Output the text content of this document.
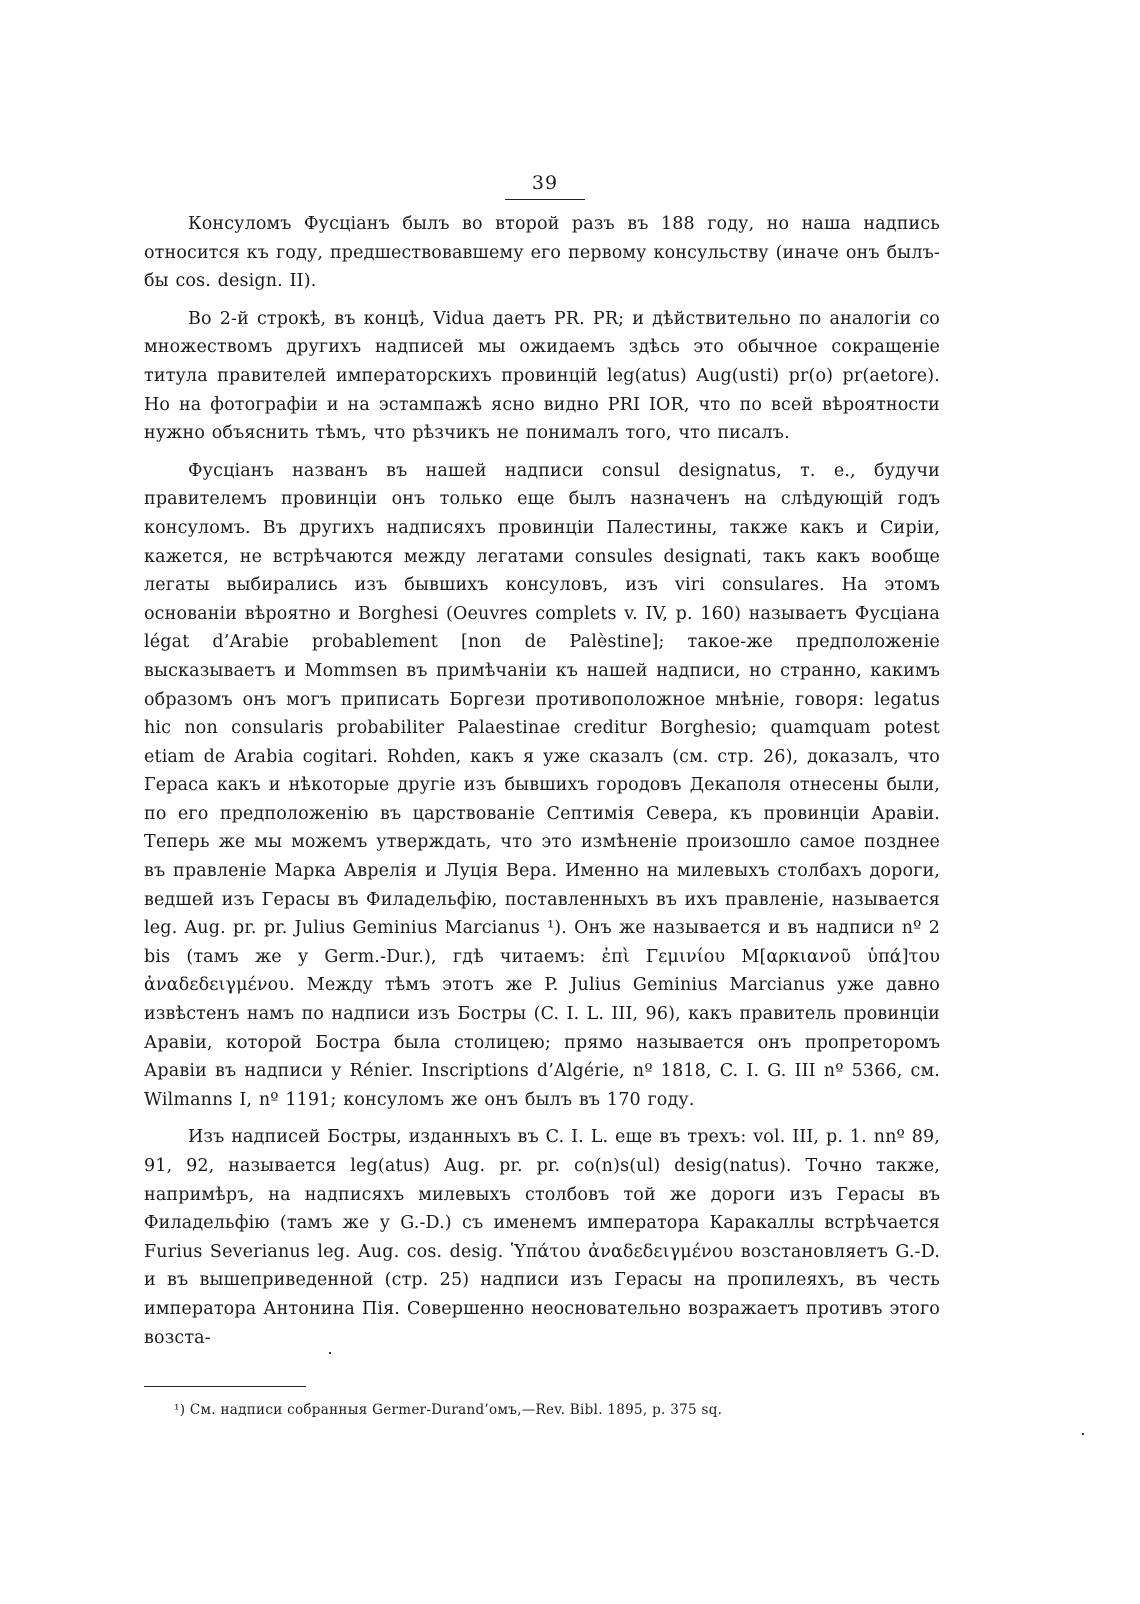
39

Консуломъ Фусціанъ былъ во второй разъ въ 188 году, но наша надпись относится къ году, предшествовавшему его первому консульству (иначе онъ былъ-бы cos. design. II).

Во 2-й строкѣ, въ концѣ, Vidua даетъ PR. PR; и дѣйствительно по аналогіи со множествомъ другихъ надписей мы ожидаемъ здѣсь это обычное сокращеніе титула правителей императорскихъ провинцій leg(atus) Aug(usti) pr(o) pr(aetore). Но на фотографіи и на эстампажѣ ясно видно PRI IOR, что по всей вѣроятности нужно объяснить тѣмъ, что рѣзчикъ не понималъ того, что писалъ.

Фусціанъ названъ въ нашей надписи consul designatus, т. е., будучи правителемъ провинціи онъ только еще былъ назначенъ на слѣдующій годъ консуломъ. Въ другихъ надписяхъ провинціи Палестины, также какъ и Сиріи, кажется, не встрѣчаются между легатами consules designati, такъ какъ вообще легаты выбирались изъ бывшихъ консуловъ, изъ viri consulares. На этомъ основаніи вѣроятно и Borghesi (Oeuvres complets v. IV, p. 160) называетъ Фусціана légat d’Arabie probablement [non de Palèstine]; такое-же предположеніе высказываетъ и Mommsen въ примѣчаніи къ нашей надписи, но странно, какимъ образомъ онъ могъ приписать Боргези противоположное мнѣніе, говоря: legatus hic non consularis probabiliter Palaestinae creditur Borghesio; quamquam potest etiam de Arabia cogitari. Rohden, какъ я уже сказалъ (см. стр. 26), доказалъ, что Гераса какъ и нѣкоторые другіе изъ бывшихъ городовъ Декаполя отнесены были, по его предположенію въ царствованіе Септимія Севера, къ провинціи Аравіи. Теперь же мы можемъ утверждать, что это измѣненіе произошло самое позднее въ правленіе Марка Аврелія и Луція Вера. Именно на милевыхъ столбахъ дороги, ведшей изъ Герасы въ Филадельфію, поставленныхъ въ ихъ правленіе, называется leg. Aug. pr. pr. Julius Geminius Marcianus ¹). Онъ же называется и въ надписи nº 2 bis (тамъ же у Germ.-Dur.), гдѣ читаемъ: ἐπὶ Γεμινίου Μ[αρκιανοῦ ὑπά]του ἀναδεδειγμένου. Между тѣмъ этотъ же P. Julius Geminius Marcianus уже давно извѣстенъ намъ по надписи изъ Бостры (C. I. L. III, 96), какъ правитель провинціи Аравіи, которой Бостра была столицею; прямо называется онъ пропреторомъ Аравіи въ надписи у Rénier. Inscriptions d’Algérie, nº 1818, C. I. G. III nº 5366, см. Wilmanns I, nº 1191; консуломъ же онъ былъ въ 170 году.

Изъ надписей Бостры, изданныхъ въ C. I. L. еще въ трехъ: vol. III, p. 1. nnº 89, 91, 92, называется leg(atus) Aug. pr. pr. co(n)s(ul) desig(natus). Точно также, напримѣръ, на надписяхъ милевыхъ столбовъ той же дороги изъ Герасы въ Филадельфію (тамъ же у G.-D.) съ именемъ императора Каракаллы встрѣчается Furius Severianus leg. Aug. cos. desig. Ὑπάτου ἀναδεδειγμένου возстановляетъ G.-D. и въ вышеприведенной (стр. 25) надписи изъ Герасы на пропилеяхъ, въ честь императора Антонина Пія. Совершенно неосновательно возражаетъ противъ этого возста-

¹) См. надписи собранныя Germer-Durand’омъ,—Rev. Bibl. 1895, p. 375 sq.
